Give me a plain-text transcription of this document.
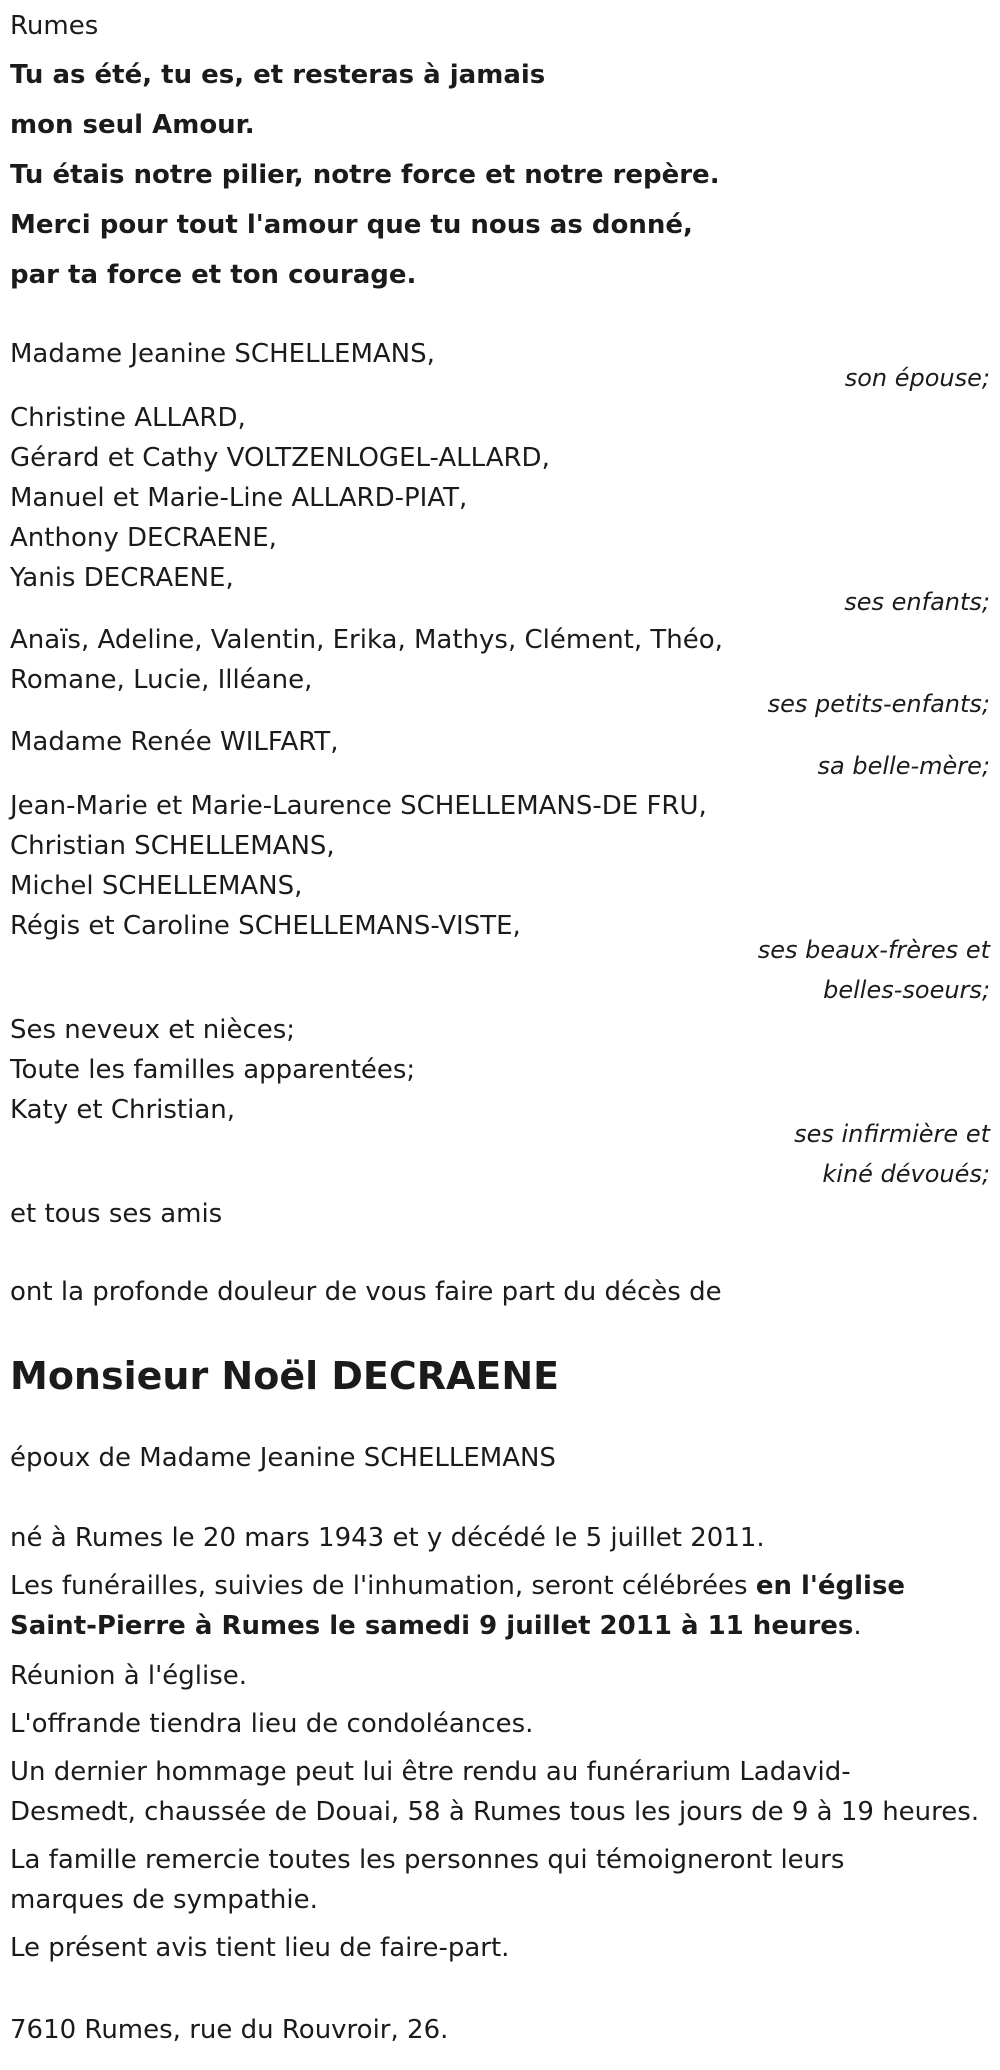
Rumes
Tu as été, tu es, et resteras à jamais
mon seul Amour.
Tu étais notre pilier, notre force et notre repère.
Merci pour tout l'amour que tu nous as donné,
par ta force et ton courage.
Madame Jeanine SCHELLEMANS,
son épouse;
Christine ALLARD,
Gérard et Cathy VOLTZENLOGEL-ALLARD,
Manuel et Marie-Line ALLARD-PIAT,
Anthony DECRAENE,
Yanis DECRAENE,
ses enfants;
Anaïs, Adeline, Valentin, Erika, Mathys, Clément, Théo,
Romane, Lucie, Illéane,
ses petits-enfants;
Madame Renée WILFART,
sa belle-mère;
Jean-Marie et Marie-Laurence SCHELLEMANS-DE FRU,
Christian SCHELLEMANS,
Michel SCHELLEMANS,
Régis et Caroline SCHELLEMANS-VISTE,
ses beaux-frères et
belles-soeurs;
Ses neveux et nièces;
Toute les familles apparentées;
Katy et Christian,
ses infirmière et
kiné dévoués;
et tous ses amis
ont la profonde douleur de vous faire part du décès de
Monsieur Noël DECRAENE
époux de Madame Jeanine SCHELLEMANS
né à Rumes le 20 mars 1943 et y décédé le 5 juillet 2011.
Les funérailles, suivies de l'inhumation, seront célébrées en l'église
Saint-Pierre à Rumes le samedi 9 juillet 2011 à 11 heures.
Réunion à l'église.
L'offrande tiendra lieu de condoléances.
Un dernier hommage peut lui être rendu au funérarium Ladavid-
Desmedt, chaussée de Douai, 58 à Rumes tous les jours de 9 à 19 heures.
La famille remercie toutes les personnes qui témoigneront leurs
marques de sympathie.
Le présent avis tient lieu de faire-part.
7610 Rumes, rue du Rouvroir, 26.
